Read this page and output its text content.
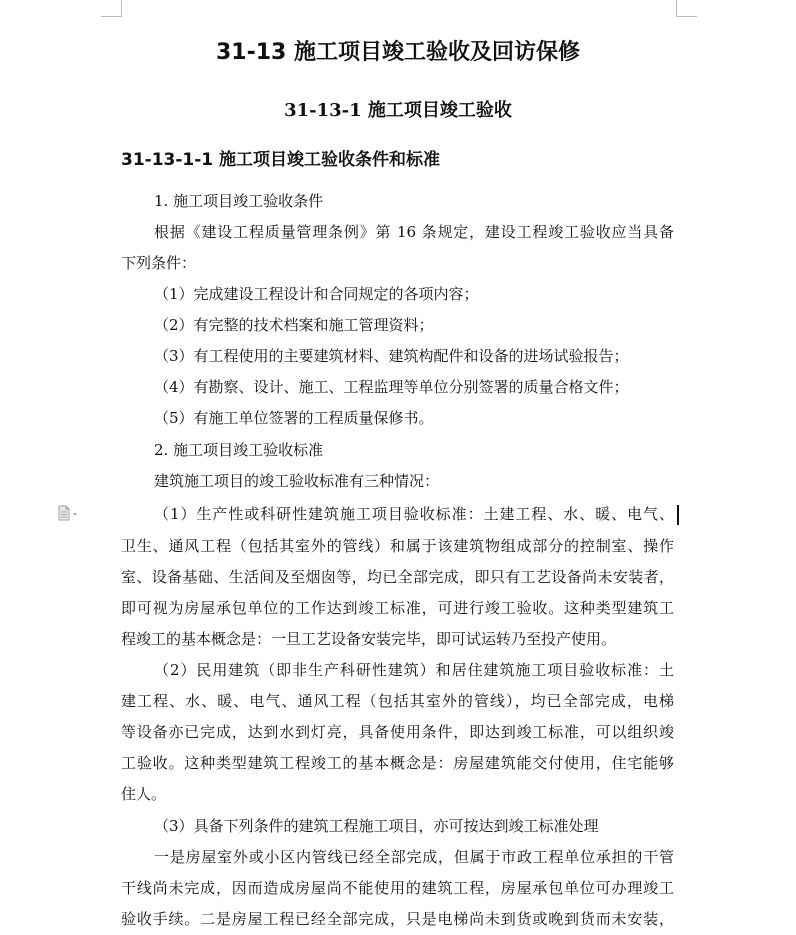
31-13 施工项目竣工验收及回访保修
31-13-1 施工项目竣工验收
31-13-1-1 施工项目竣工验收条件和标准
1. 施工项目竣工验收条件
根据《建设工程质量管理条例》第 16 条规定，建设工程竣工验收应当具备
下列条件：
（1）完成建设工程设计和合同规定的各项内容；
（2）有完整的技术档案和施工管理资料；
（3）有工程使用的主要建筑材料、建筑构配件和设备的进场试验报告；
（4）有勘察、设计、施工、工程监理等单位分别签署的质量合格文件；
（5）有施工单位签署的工程质量保修书。
2. 施工项目竣工验收标准
建筑施工项目的竣工验收标准有三种情况：
（1）生产性或科研性建筑施工项目验收标准：土建工程、水、暖、电气、
卫生、通风工程（包括其室外的管线）和属于该建筑物组成部分的控制室、操作
室、设备基础、生活间及至烟囱等，均已全部完成，即只有工艺设备尚未安装者，
即可视为房屋承包单位的工作达到竣工标准，可进行竣工验收。这种类型建筑工
程竣工的基本概念是：一旦工艺设备安装完毕，即可试运转乃至投产使用。
（2）民用建筑（即非生产科研性建筑）和居住建筑施工项目验收标准：土
建工程、水、暖、电气、通风工程（包括其室外的管线），均已全部完成，电梯
等设备亦已完成，达到水到灯亮，具备使用条件，即达到竣工标准，可以组织竣
工验收。这种类型建筑工程竣工的基本概念是：房屋建筑能交付使用，住宅能够
住人。
（3）具备下列条件的建筑工程施工项目，亦可按达到竣工标准处理
一是房屋室外或小区内管线已经全部完成，但属于市政工程单位承担的干管
干线尚未完成，因而造成房屋尚不能使用的建筑工程，房屋承包单位可办理竣工
验收手续。二是房屋工程已经全部完成，只是电梯尚未到货或晚到货而未安装，
